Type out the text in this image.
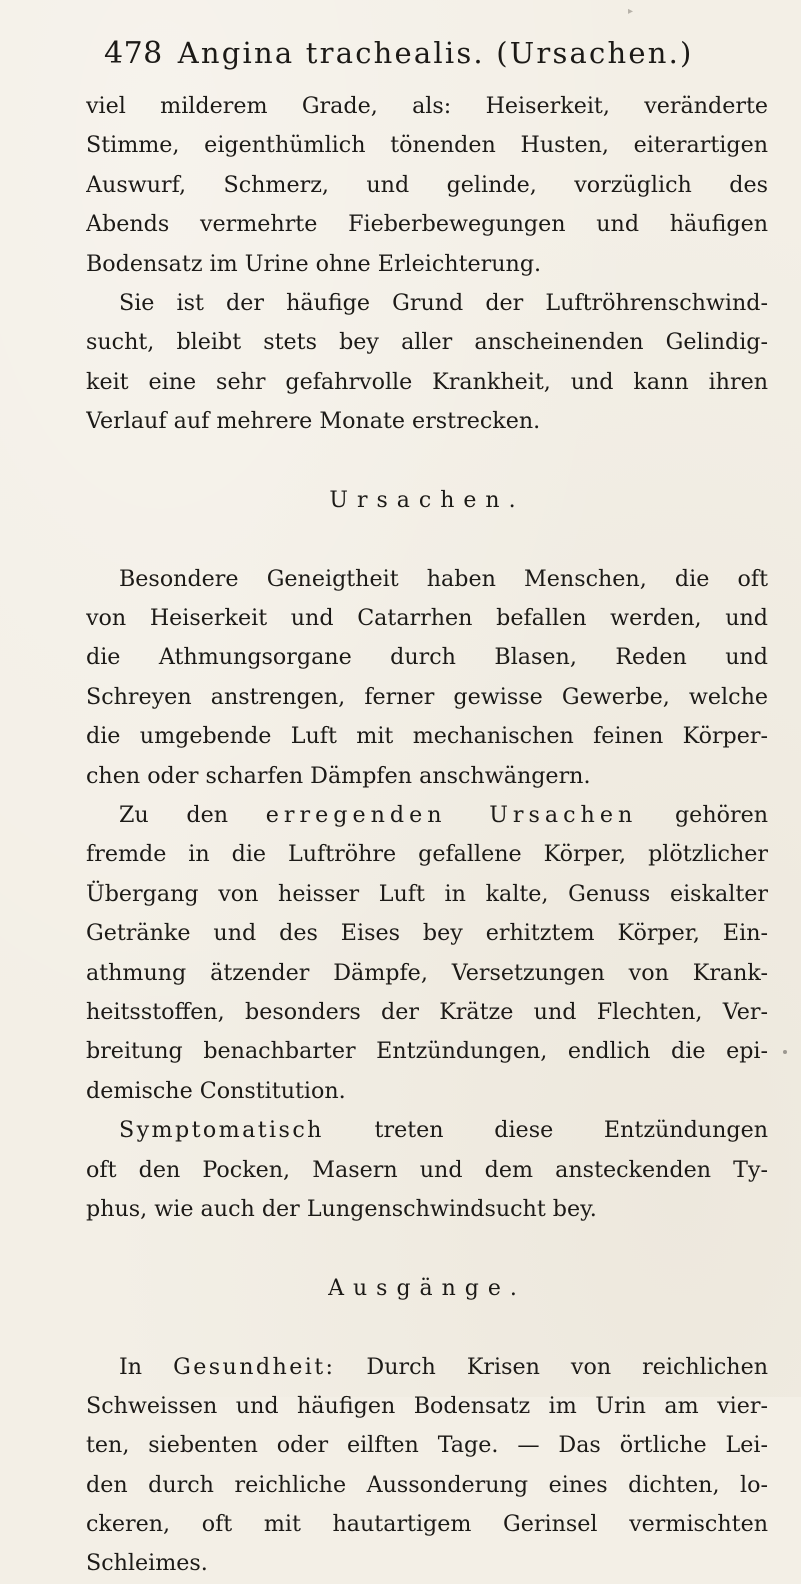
▸
478 Angina trachealis. (Ursachen.)
viel milderem Grade, als: Heiserkeit, veränderte
Stimme, eigenthümlich tönenden Husten, eiterartigen
Auswurf, Schmerz, und gelinde, vorzüglich des
Abends vermehrte Fieberbewegungen und häufigen
Bodensatz im Urine ohne Erleichterung.
Sie ist der häufige Grund der Luftröhrenschwind-
sucht, bleibt stets bey aller anscheinenden Gelindig-
keit eine sehr gefahrvolle Krankheit, und kann ihren
Verlauf auf mehrere Monate erstrecken.
Ursachen.
Besondere Geneigtheit haben Menschen, die oft
von Heiserkeit und Catarrhen befallen werden, und
die Athmungsorgane durch Blasen, Reden und
Schreyen anstrengen, ferner gewisse Gewerbe, welche
die umgebende Luft mit mechanischen feinen Körper-
chen oder scharfen Dämpfen anschwängern.
Zu den erregenden Ursachen gehören
fremde in die Luftröhre gefallene Körper, plötzlicher
Übergang von heisser Luft in kalte, Genuss eiskalter
Getränke und des Eises bey erhitztem Körper, Ein-
athmung ätzender Dämpfe, Versetzungen von Krank-
heitsstoffen, besonders der Krätze und Flechten, Ver-
breitung benachbarter Entzündungen, endlich die epi-
demische Constitution.
Symptomatisch treten diese Entzündungen
oft den Pocken, Masern und dem ansteckenden Ty-
phus, wie auch der Lungenschwindsucht bey.
Ausgänge.
In Gesundheit: Durch Krisen von reichlichen
Schweissen und häufigen Bodensatz im Urin am vier-
ten, siebenten oder eilften Tage. — Das örtliche Lei-
den durch reichliche Aussonderung eines dichten, lo-
ckeren, oft mit hautartigem Gerinsel vermischten
Schleimes.
